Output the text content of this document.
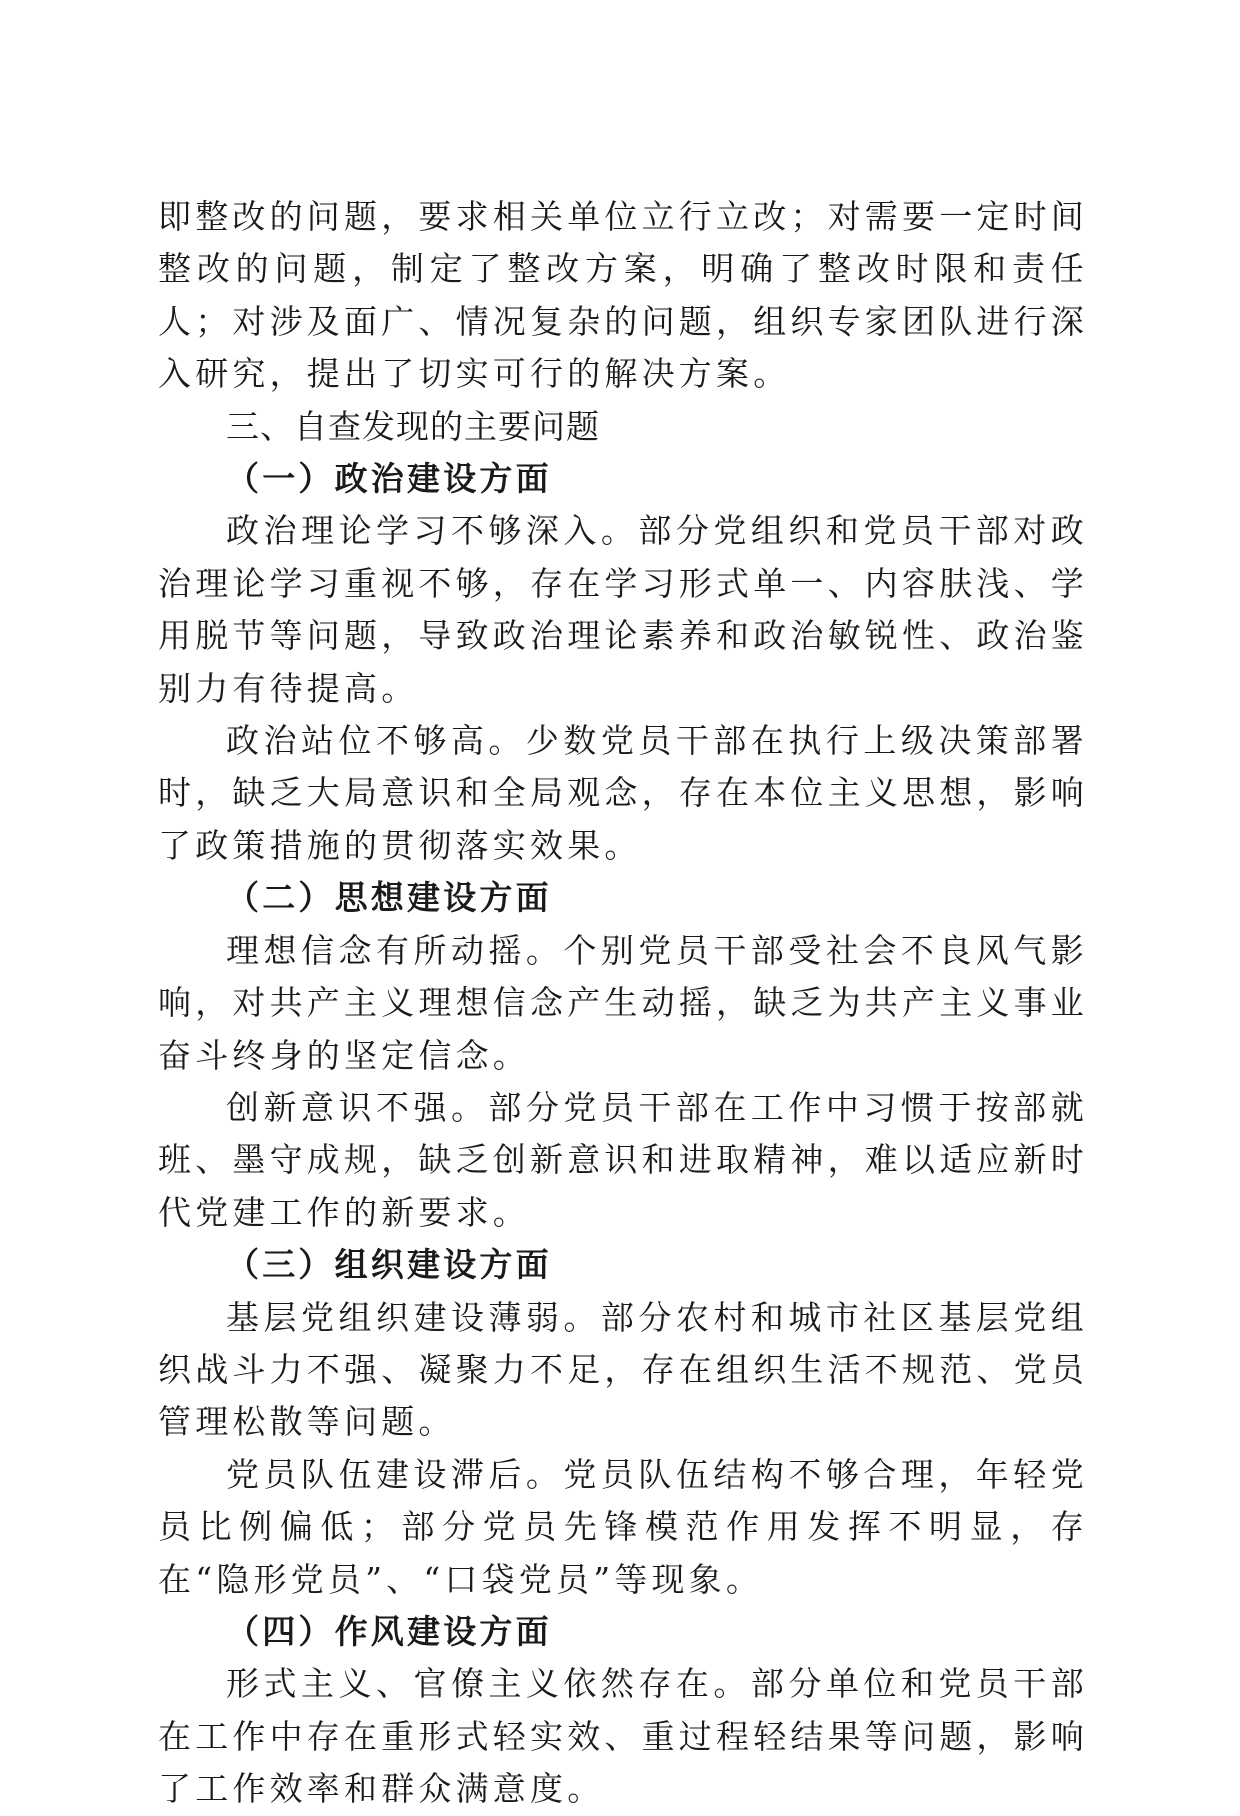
即整改的问题，要求相关单位立行立改；对需要一定时间整改的问题，制定了整改方案，明确了整改时限和责任人；对涉及面广、情况复杂的问题，组织专家团队进行深入研究，提出了切实可行的解决方案。

三、自查发现的主要问题

（一）政治建设方面

政治理论学习不够深入。部分党组织和党员干部对政治理论学习重视不够，存在学习形式单一、内容肤浅、学用脱节等问题，导致政治理论素养和政治敏锐性、政治鉴别力有待提高。

政治站位不够高。少数党员干部在执行上级决策部署时，缺乏大局意识和全局观念，存在本位主义思想，影响了政策措施的贯彻落实效果。

（二）思想建设方面

理想信念有所动摇。个别党员干部受社会不良风气影响，对共产主义理想信念产生动摇，缺乏为共产主义事业奋斗终身的坚定信念。

创新意识不强。部分党员干部在工作中习惯于按部就班、墨守成规，缺乏创新意识和进取精神，难以适应新时代党建工作的新要求。

（三）组织建设方面

基层党组织建设薄弱。部分农村和城市社区基层党组织战斗力不强、凝聚力不足，存在组织生活不规范、党员管理松散等问题。

党员队伍建设滞后。党员队伍结构不够合理，年轻党员比例偏低；部分党员先锋模范作用发挥不明显，存在“隐形党员”、“口袋党员”等现象。

（四）作风建设方面

形式主义、官僚主义依然存在。部分单位和党员干部在工作中存在重形式轻实效、重过程轻结果等问题，影响了工作效率和群众满意度。
